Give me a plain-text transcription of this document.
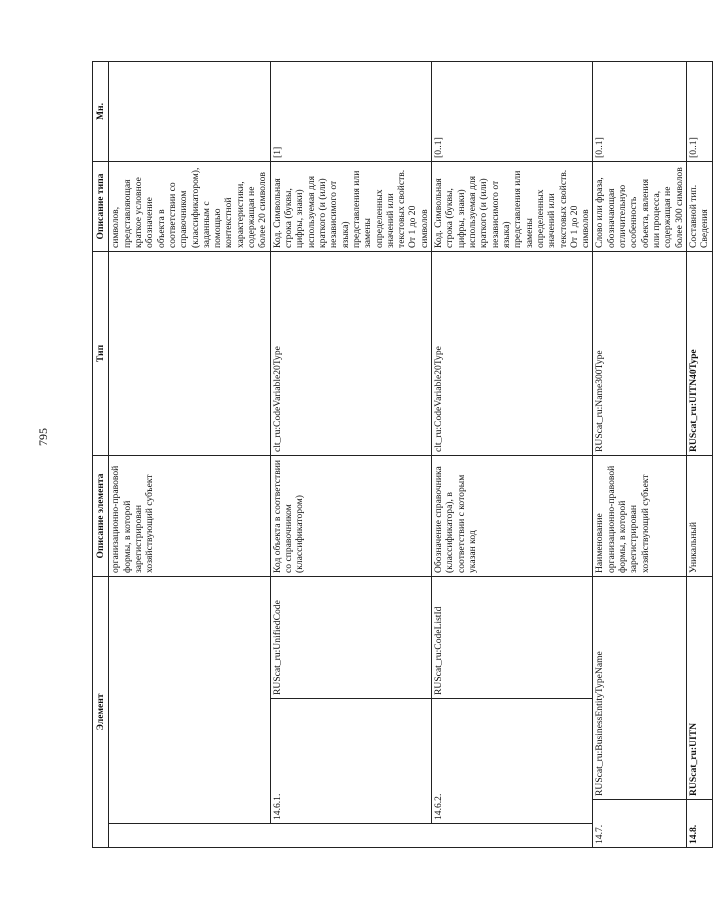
795
Элемент				Описание элемента	Тип	Описание типа	Мн.
				организационно-правовой формы, в которой зарегистрирован хозяйствующий субъект		символов, представляющая краткое условное обозначение объекта в соответствии со справочником (классификатором), заданным с помощью контекстной характеристики, содержащая не более 20 символов	
	14.6.1.		RUScat_ru:UnifiedCode	Код объекта в соответствии со справочником (классификатором)	clt_ru:CodeVariable20Type	Код. Символьная строка (буквы, цифры, знаки) используемая для краткого (и (или) независимого от языка) представления или замены определенных значений или текстовых свойств. От 1 до 20 символов	[1]
	14.6.2.		RUScat_ru:CodeListId	Обозначение справочника (классификатора), в соответствии с которым указан код	clt_ru:CodeVariable20Type	Код. Символьная строка (буквы, цифры, знаки) используемая для краткого (и (или) независимого от языка) представления или замены определенных значений или текстовых свойств. От 1 до 20 символов	[0..1]
14.7.		RUScat_ru:BusinessEntityTypeName		Наименование организационно-правовой формы, в которой зарегистрирован хозяйствующий субъект	RUScat_ru:Name300Type	Слово или фраза, обозначающая отличительную особенность объекта, явления или процесса, содержащая не более 300 символов	[0..1]
14.8.		RUScat_ru:UITN		Уникальный	RUScat_ru:UITN40Type	Составной тип. Сведения	[0..1]
